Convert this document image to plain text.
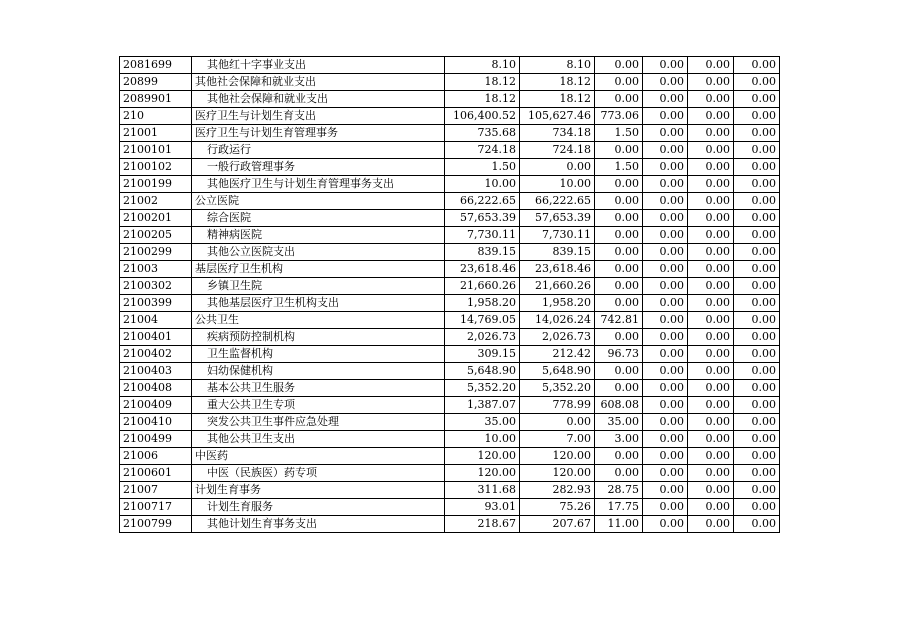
2081699	其他红十字事业支出	8.10	8.10	0.00	0.00	0.00	0.00
20899	其他社会保障和就业支出	18.12	18.12	0.00	0.00	0.00	0.00
2089901	其他社会保障和就业支出	18.12	18.12	0.00	0.00	0.00	0.00
210	医疗卫生与计划生育支出	106,400.52	105,627.46	773.06	0.00	0.00	0.00
21001	医疗卫生与计划生育管理事务	735.68	734.18	1.50	0.00	0.00	0.00
2100101	行政运行	724.18	724.18	0.00	0.00	0.00	0.00
2100102	一般行政管理事务	1.50	0.00	1.50	0.00	0.00	0.00
2100199	其他医疗卫生与计划生育管理事务支出	10.00	10.00	0.00	0.00	0.00	0.00
21002	公立医院	66,222.65	66,222.65	0.00	0.00	0.00	0.00
2100201	综合医院	57,653.39	57,653.39	0.00	0.00	0.00	0.00
2100205	精神病医院	7,730.11	7,730.11	0.00	0.00	0.00	0.00
2100299	其他公立医院支出	839.15	839.15	0.00	0.00	0.00	0.00
21003	基层医疗卫生机构	23,618.46	23,618.46	0.00	0.00	0.00	0.00
2100302	乡镇卫生院	21,660.26	21,660.26	0.00	0.00	0.00	0.00
2100399	其他基层医疗卫生机构支出	1,958.20	1,958.20	0.00	0.00	0.00	0.00
21004	公共卫生	14,769.05	14,026.24	742.81	0.00	0.00	0.00
2100401	疾病预防控制机构	2,026.73	2,026.73	0.00	0.00	0.00	0.00
2100402	卫生监督机构	309.15	212.42	96.73	0.00	0.00	0.00
2100403	妇幼保健机构	5,648.90	5,648.90	0.00	0.00	0.00	0.00
2100408	基本公共卫生服务	5,352.20	5,352.20	0.00	0.00	0.00	0.00
2100409	重大公共卫生专项	1,387.07	778.99	608.08	0.00	0.00	0.00
2100410	突发公共卫生事件应急处理	35.00	0.00	35.00	0.00	0.00	0.00
2100499	其他公共卫生支出	10.00	7.00	3.00	0.00	0.00	0.00
21006	中医药	120.00	120.00	0.00	0.00	0.00	0.00
2100601	中医（民族医）药专项	120.00	120.00	0.00	0.00	0.00	0.00
21007	计划生育事务	311.68	282.93	28.75	0.00	0.00	0.00
2100717	计划生育服务	93.01	75.26	17.75	0.00	0.00	0.00
2100799	其他计划生育事务支出	218.67	207.67	11.00	0.00	0.00	0.00
